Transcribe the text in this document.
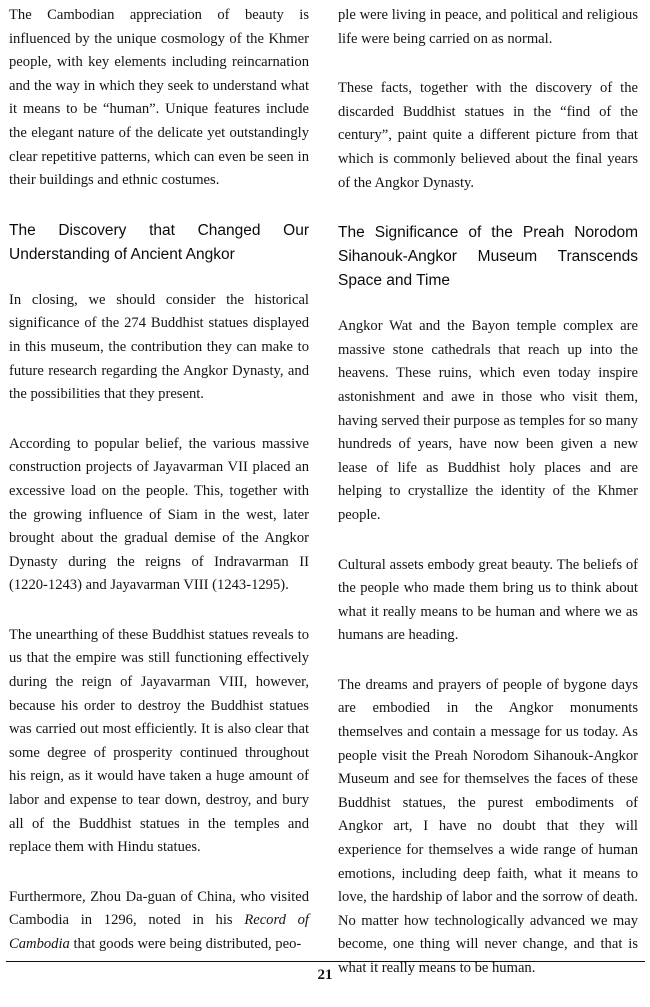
The Cambodian appreciation of beauty is influenced by the unique cosmology of the Khmer people, with key elements including reincarnation and the way in which they seek to understand what it means to be “human”. Unique features include the elegant nature of the delicate yet outstandingly clear repetitive patterns, which can even be seen in their buildings and ethnic costumes.

The Discovery that Changed Our
Understanding of Ancient Angkor

In closing, we should consider the historical significance of the 274 Buddhist statues displayed in this museum, the contribution they can make to future research regarding the Angkor Dynasty, and the possibilities that they present.

According to popular belief, the various massive construction projects of Jayavarman VII placed an excessive load on the people. This, together with the growing influence of Siam in the west, later brought about the gradual demise of the Angkor Dynasty during the reigns of Indravarman II (1220-1243) and Jayavarman VIII (1243-1295).

The unearthing of these Buddhist statues reveals to us that the empire was still functioning effectively during the reign of Jayavarman VIII, however, because his order to destroy the Buddhist statues was carried out most efficiently. It is also clear that some degree of prosperity continued throughout his reign, as it would have taken a huge amount of labor and expense to tear down, destroy, and bury all of the Buddhist statues in the temples and replace them with Hindu statues.

Furthermore, Zhou Da-guan of China, who visited Cambodia in 1296, noted in his Record of Cambodia that goods were being distributed, peo-

ple were living in peace, and political and religious life were being carried on as normal.

These facts, together with the discovery of the discarded Buddhist statues in the “find of the century”, paint quite a different picture from that which is commonly believed about the final years of the Angkor Dynasty.

The Significance of the Preah Norodom
Sihanouk-Angkor Museum Transcends
Space and Time

Angkor Wat and the Bayon temple complex are massive stone cathedrals that reach up into the heavens. These ruins, which even today inspire astonishment and awe in those who visit them, having served their purpose as temples for so many hundreds of years, have now been given a new lease of life as Buddhist holy places and are helping to crystallize the identity of the Khmer people.

Cultural assets embody great beauty. The beliefs of the people who made them bring us to think about what it really means to be human and where we as humans are heading.

The dreams and prayers of people of bygone days are embodied in the Angkor monuments themselves and contain a message for us today. As people visit the Preah Norodom Sihanouk-Angkor Museum and see for themselves the faces of these Buddhist statues, the purest embodiments of Angkor art, I have no doubt that they will experience for themselves a wide range of human emotions, including deep faith, what it means to love, the hardship of labor and the sorrow of death. No matter how technologically advanced we may become, one thing will never change, and that is what it really means to be human.

21
